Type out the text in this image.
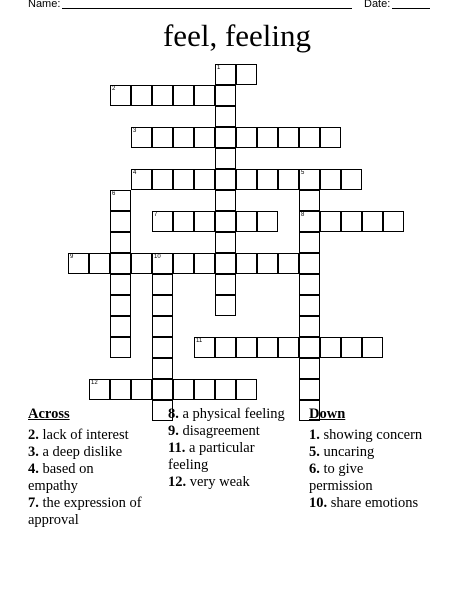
Name:	Date:
feel, feeling
1
2
3
4	5
6
7	8
9	10
11
12
Across
2. lack of interest
3. a deep dislike
4. based on empathy
7. the expression of approval
8. a physical feeling
9. disagreement
11. a particular feeling
12. very weak
Down
1. showing concern
5. uncaring
6. to give permission
10. share emotions
